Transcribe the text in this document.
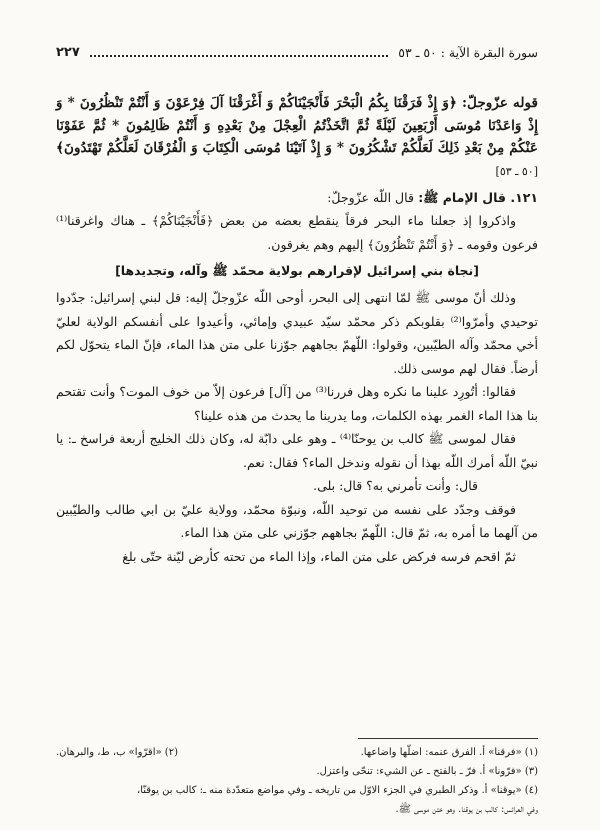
٢٢٧	سورة البقرة الآية : ٥٠ ـ ٥٣

قوله عزّوجلّ: ﴿وَ إِذْ فَرَقْنَا بِكُمُ الْبَحْرَ فَأَنْجَيْنَاكُمْ وَ أَغْرَقْنَا آلَ فِرْعَوْنَ وَ أَنْتُمْ تَنْظُرُونَ * وَ إِذْ وَاعَدْنَا مُوسَى أَرْبَعِينَ لَيْلَةً ثُمَّ اتَّخَذْتُمُ الْعِجْلَ مِنْ بَعْدِهِ وَ أَنْتُمْ ظَالِمُونَ * ثُمَّ عَفَوْنَا عَنْكُمْ مِنْ بَعْدِ ذَلِكَ لَعَلَّكُمْ تَشْكُرُونَ * وَ إِذْ آتَيْنَا مُوسَى الْكِتَابَ وَ الْفُرْقَانَ لَعَلَّكُمْ تَهْتَدُونَ﴾ [٥٠ ـ ٥٣]

١٢١. قال الإمام ﷺ: قال اللّه عزّوجلّ:

واذكروا إذ جعلنا ماء البحر فرقاً ينقطع بعضه من بعض ﴿فَأَنْجَيْنَاكُمْ﴾ ـ هناك واغرقنا⁽¹⁾ فرعون وقومه ـ ﴿وَ أَنْتُمْ تَنْظُرُونَ﴾ إليهم وهم يغرقون.

[نجاة بني إسرائيل لإقرارهم بولاية محمّد ﷺ وآله، وتجديدها]

وذلك أنّ موسى ﷺ لمّا انتهى إلى البحر، أوحى اللّه عزّوجلّ إليه: قل لبني إسرائيل: جدّدوا توحيدي وأمرّوا⁽²⁾ بقلوبكم ذكر محمّد سيّد عبيدي وإمائي، وأعيدوا على أنفسكم الولاية لعليّ أخي محمّد وآله الطيّبين، وقولوا: اللّهمّ بجاههم جوّزنا على متن هذا الماء، فإنّ الماء يتحوّل لكم أرضاً. فقال لهم موسى ذلك.

فقالوا: أتُورِد علينا ما نكره وهل فررنا⁽³⁾ من [آل] فرعون إلاّ من خوف الموت؟ وأنت تقتحم بنا هذا الماء الغمر بهذه الكلمات، وما يدرينا ما يحدث من هذه علينا؟

فقال لموسى ﷺ كالب بن يوحنّا⁽⁴⁾ ـ وهو على دابّة له، وكان ذلك الخليج أربعة فراسخ ـ: يا نبيّ اللّه أمرك اللّه بهذا أن نقوله وندخل الماء؟ فقال: نعم.

قال: وأنت تأمرني به؟ قال: بلى.

فوقف وجدّد على نفسه من توحيد اللّه، ونبوّة محمّد، وولاية عليّ بن ابي طالب والطيّبين من آلهما ما أمره به، ثمّ قال: اللّهمّ بجاههم جوّزني على متن هذا الماء.

ثمّ اقحم فرسه فركض على متن الماء، وإذا الماء من تحته كأرض ليّنة حتّى بلغ

(١) «فرقنا» أ. الفرق عنمه: اضلّها واضاعها.
(٢) «اقرّوا» ب، ط، والبرهان.
(٣) «فرّونا» أ. فرّ ـ بالفتح ـ عن الشيء: تنحّى واعتزل.
(٤) «يوقنا» أ. وذكر الطبري في الجزء الاوّل من تاريخه ـ وفي مواضع متعدّدة منه ـ: كالب بن يوقنّا،
وفي العرائس: كالب بن يوقنا. وهو ختن موسى ﷺ.
